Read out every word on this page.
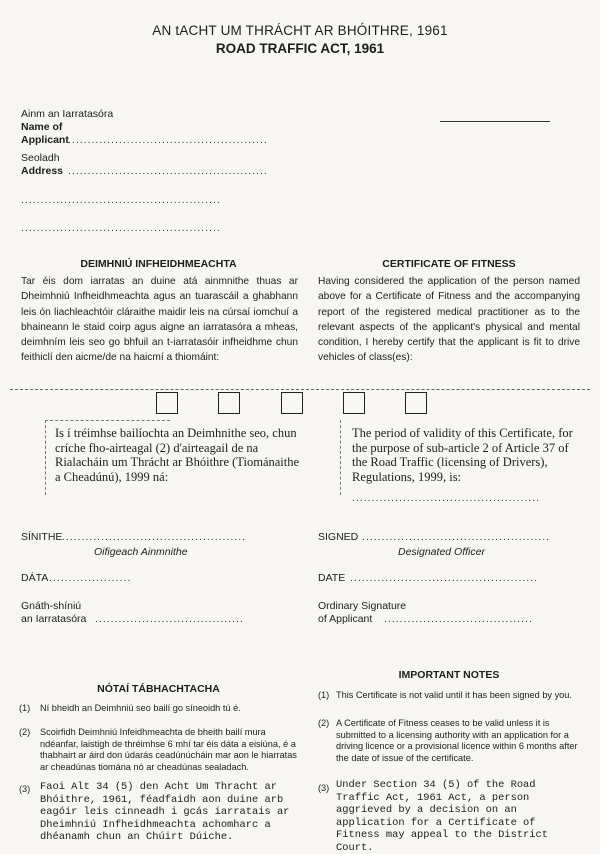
AN tACHT UM THRÁCHT AR BHÓITHRE, 1961
ROAD TRAFFIC ACT, 1961
Ainm an Iarratasóra
Name of
Applicant ...................................................
Seoladh
Address ...................................................
...................................................
...................................................
DEIMHNIÚ INFHEIDHMEACHTA	CERTIFICATE OF FITNESS
Tar éis dom iarratas an duine atá ainmnithe thuas ar Dheimhniú Infheidhmeachta agus an tuarascáil a ghabhann leis ón liachleachtóir cláraithe maidir leis na cúrsaí iomchuí a bhaineann le staid coirp agus aigne an iarratasóra a mheas, deimhním leis seo go bhfuil an t-iarratasóir infheidhme chun feithiclí den aicme/de na haicmí a thiomáint:
Having considered the application of the person named above for a Certificate of Fitness and the accompanying report of the registered medical practitioner as to the relevant aspects of the applicant's physical and mental condition, I hereby certify that the applicant is fit to drive vehicles of class(es):
Is í tréimhse bailíochta an Deimhnithe seo, chun críche fho-airteagal (2) d'airteagail de na Rialacháin um Thrácht ar Bhóithre (Tiománaithe a Cheadúnú), 1999 ná:
The period of validity of this Certificate, for the purpose of sub-article 2 of Article 37 of the Road Traffic (licensing of Drivers), Regulations, 1999, is:
................................................
SÍNITHE
................................................
Oifigeach Ainmnithe
SIGNED ................................................
Designated Officer
DÁTA .....................	DATE ................................................
Gnáth-shíniú
an Iarratasóra ......................................
Ordinary Signature
of Applicant ......................................
NÓTAÍ TÁBHACHTACHA
IMPORTANT NOTES
(1) Ní bheidh an Deimhniú seo bailí go síneoidh tú é.
(2) Scoirfidh Deimhniú Infeidhmeachta de bheith bailí mura ndéanfar, laistigh de thréimhse 6 mhí tar éis dáta a eisiúna, é a thabhairt ar áird don údarás ceadúnúcháin mar aon le hiarratas ar cheadúnas tiomána nó ar cheadúnas sealadach.
(3) Faoi Alt 34 (5) den Acht Um Thracht ar Bhóithre, 1961, féadfaidh aon duine arb eagóir leis cinneadh i gcás iarratais ar Dheimhniú Infheidhmeachta achomharc a dhéanamh chun an Chúirt Dúiche.
(1) This Certificate is not valid until it has been signed by you.
(2) A Certificate of Fitness ceases to be valid unless it is submitted to a licensing authority with an application for a driving licence or a provisional licence within 6 months after the date of issue of the certificate.
(3) Under Section 34 (5) of the Road Traffic Act, 1961 Act, a person aggrieved by a decision on an application for a Certificate of Fitness may appeal to the District Court.
